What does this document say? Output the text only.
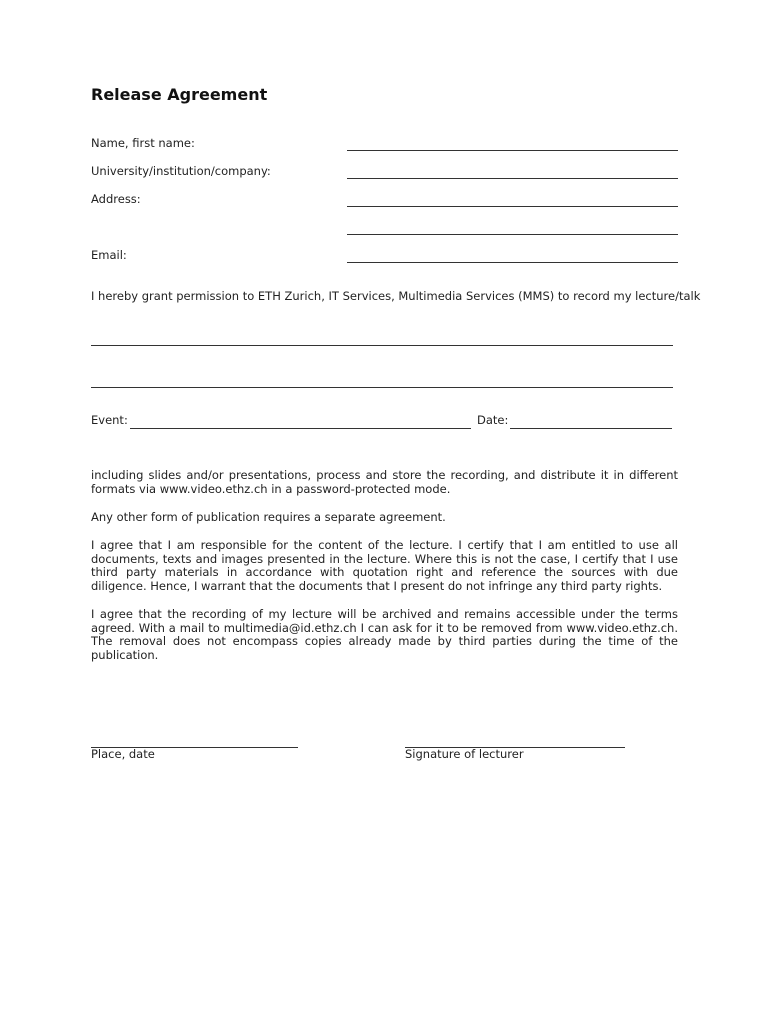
Release Agreement
Name, first name:
University/institution/company:
Address:
Email:
I hereby grant permission to ETH Zurich, IT Services, Multimedia Services (MMS) to record my lecture/talk
Event:	Date:

including slides and/or presentations, process and store the recording, and distribute it in different formats via www.video.ethz.ch in a password-protected mode.

Any other form of publication requires a separate agreement.

I agree that I am responsible for the content of the lecture. I certify that I am entitled to use all documents, texts and images presented in the lecture. Where this is not the case, I certify that I use third party materials in accordance with quotation right and reference the sources with due diligence. Hence, I warrant that the documents that I present do not infringe any third party rights.

I agree that the recording of my lecture will be archived and remains accessible under the terms agreed. With a mail to multimedia@id.ethz.ch I can ask for it to be removed from www.video.ethz.ch. The removal does not encompass copies already made by third parties during the time of the publication.

Place, date	Signature of lecturer
